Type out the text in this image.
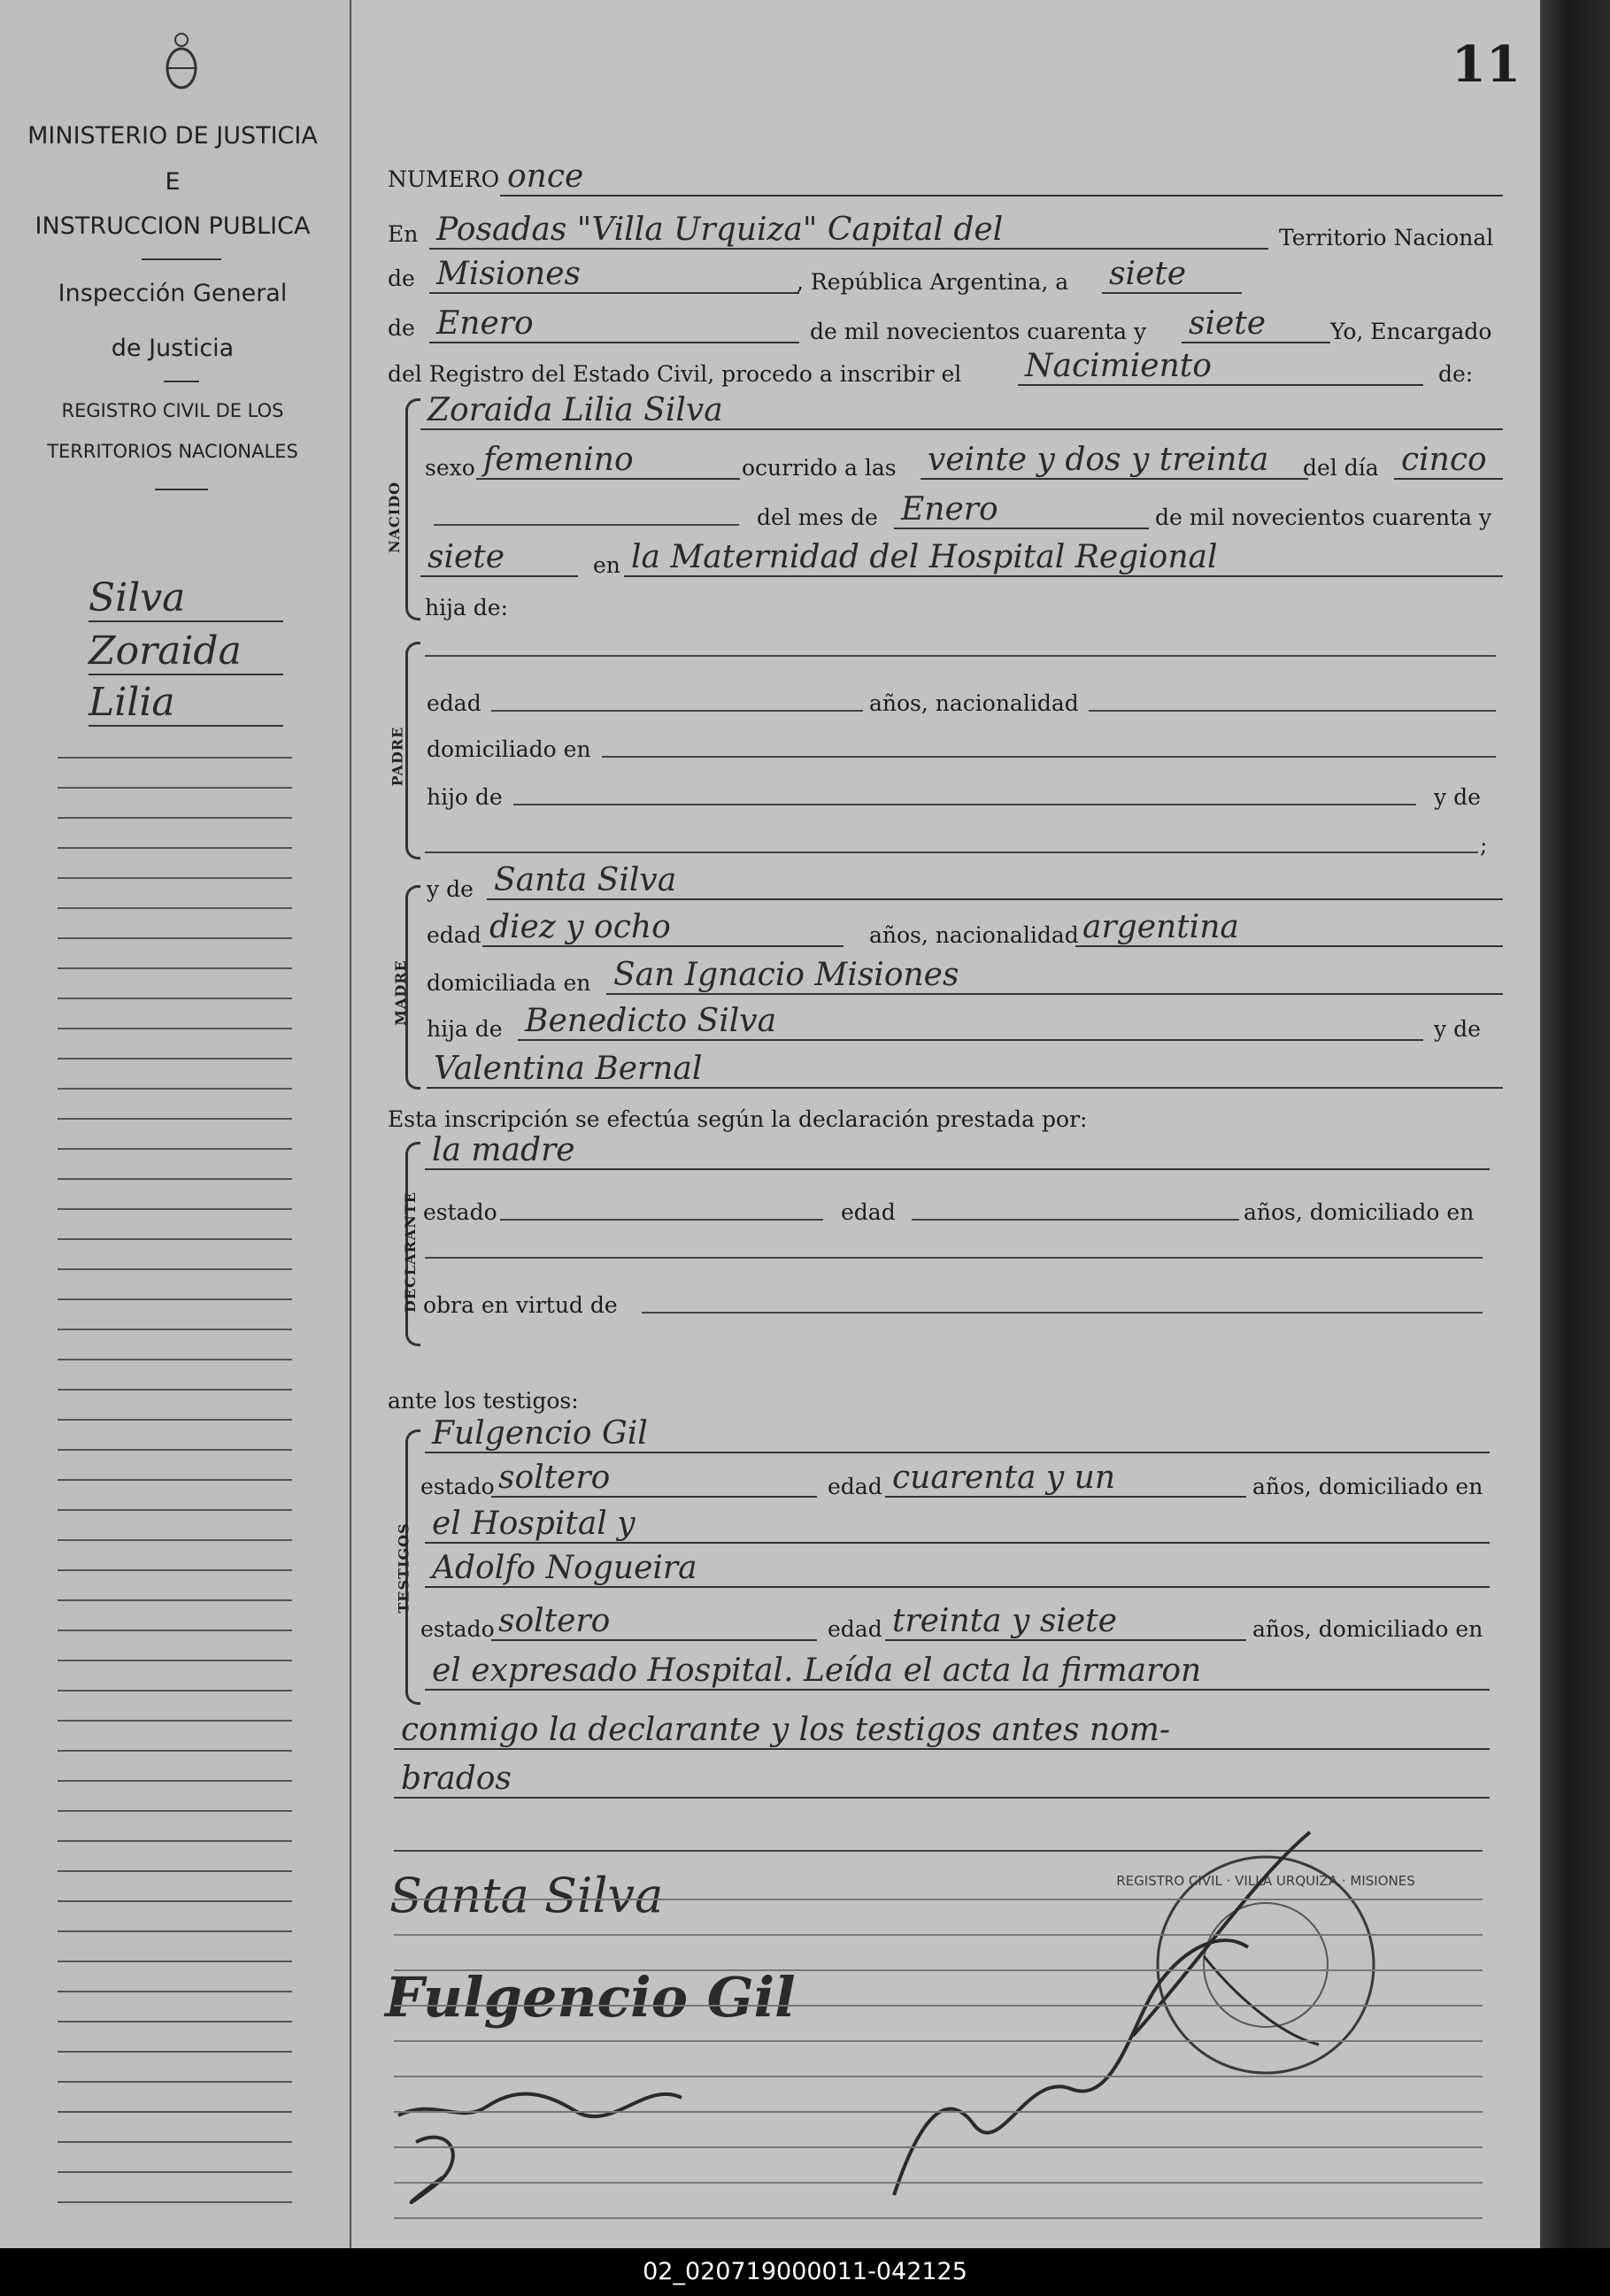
MINISTERIO DE JUSTICIA
E
INSTRUCCION PUBLICA
Inspección General
de Justicia
REGISTRO CIVIL DE LOS
TERRITORIOS NACIONALES
Silva
Zoraida
Lilia
11
NUMERO once
En Posadas "Villa Urquiza" Capital del	Territorio Nacional
de Misiones	, República Argentina, a siete
de Enero	de mil novecientos cuarenta y siete	Yo, Encargado
del Registro del Estado Civil, procedo a inscribir el Nacimiento	de:
NACIDO
Zoraida Lilia Silva
sexo femenino	ocurrido a las veinte y dos y treinta	del día cinco
del mes de Enero	de mil novecientos cuarenta y
siete	en la Maternidad del Hospital Regional
hija de:
PADRE
edad	años, nacionalidad
domiciliado en
hijo de	y de
;
MADRE
y de Santa Silva
edad diez y ocho	años, nacionalidad argentina
domiciliada en San Ignacio Misiones
hija de Benedicto Silva	y de
Valentina Bernal
Esta inscripción se efectúa según la declaración prestada por:
DECLARANTE
la madre
estado	edad	años, domiciliado en
obra en virtud de
ante los testigos:
TESTIGOS
Fulgencio Gil
estado soltero	edad cuarenta y un	años, domiciliado en
el Hospital y
Adolfo Nogueira
estado soltero	edad treinta y siete	años, domiciliado en
el expresado Hospital. Leída el acta la firmaron
conmigo la declarante y los testigos antes nom-
brados
REGISTRO CIVIL · VILLA URQUIZA · MISIONES
Santa Silva
Fulgencio Gil
02_020719000011-042125
